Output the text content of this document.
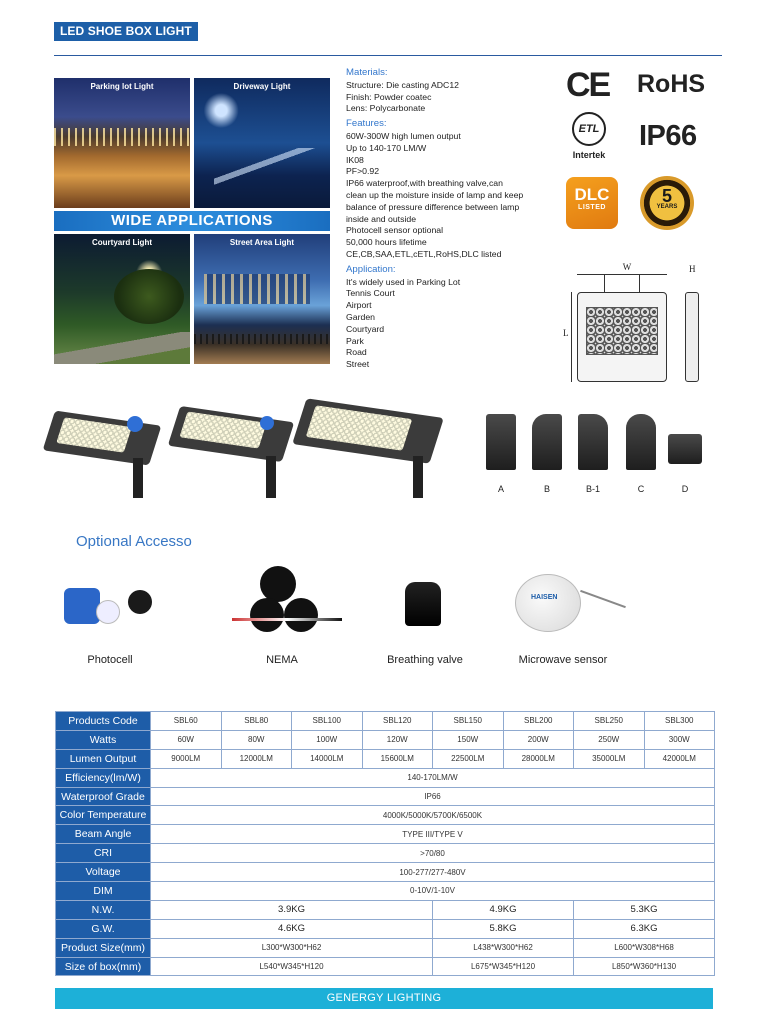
LED SHOE BOX LIGHT
Parking lot Light	Driveway Light
WIDE APPLICATIONS
Courtyard Light	Street Area Light
Materials:
Structure: Die casting ADC12
Finish: Powder coatec
Lens: Polycarbonate
Features:
60W-300W high lumen output
Up to 140-170 LM/W
IK08
PF>0.92
IP66 waterproof,with breathing valve,can
clean up the moisture inside of lamp and keep
balance of pressure difference between lamp
inside and outside
Photocell sensor optional
50,000 hours lifetime
CE,CB,SAA,ETL,cETL,RoHS,DLC listed
Application:
It's widely used in Parking Lot
Tennis Court
Airport
Garden
Courtyard
Park
Road
Street
CE RoHS
ETL
Intertek
IP66
DLC
LISTED
5
YEARS
W	H
L
A	B	B-1	C	D
Optional Accesso
Photocell	NEMA	Breathing valve
HAISEN
Microwave sensor
Products Code	SBL60	SBL80	SBL100	SBL120	SBL150	SBL200	SBL250	SBL300
Watts	60W	80W	100W	120W	150W	200W	250W	300W
Lumen Output	9000LM	12000LM	14000LM	15600LM	22500LM	28000LM	35000LM	42000LM
Efficiency(lm/W)	140-170LM/W							
Waterproof Grade	IP66							
Color Temperature	4000K/5000K/5700K/6500K							
Beam Angle	TYPE III/TYPE V							
CRI	>70/80							
Voltage	100-277/277-480V							
DIM	0-10V/1-10V							
N.W.	3.9KG				4.9KG		5.3KG	
G.W.	4.6KG				5.8KG		6.3KG	
Product Size(mm)	L300*W300*H62				L438*W300*H62		L600*W308*H68	
Size of box(mm)	L540*W345*H120				L675*W345*H120		L850*W360*H130	
GENERGY LIGHTING
